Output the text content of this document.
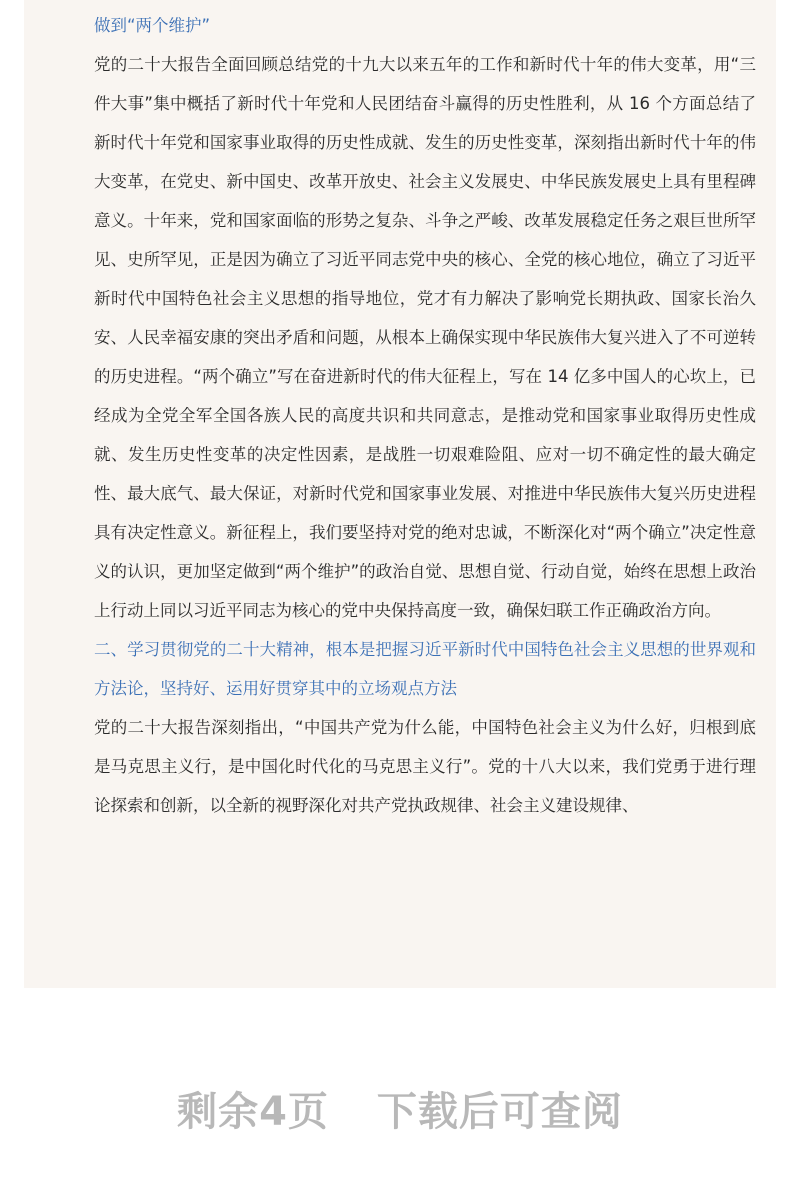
做到“两个维护”

党的二十大报告全面回顾总结党的十九大以来五年的工作和新时代十年的伟大变革，用“三件大事”集中概括了新时代十年党和人民团结奋斗赢得的历史性胜利，从 16 个方面总结了新时代十年党和国家事业取得的历史性成就、发生的历史性变革，深刻指出新时代十年的伟大变革，在党史、新中国史、改革开放史、社会主义发展史、中华民族发展史上具有里程碑意义。十年来，党和国家面临的形势之复杂、斗争之严峻、改革发展稳定任务之艰巨世所罕见、史所罕见，正是因为确立了习近平同志党中央的核心、全党的核心地位，确立了习近平新时代中国特色社会主义思想的指导地位，党才有力解决了影响党长期执政、国家长治久安、人民幸福安康的突出矛盾和问题，从根本上确保实现中华民族伟大复兴进入了不可逆转的历史进程。“两个确立”写在奋进新时代的伟大征程上，写在 14 亿多中国人的心坎上，已经成为全党全军全国各族人民的高度共识和共同意志，是推动党和国家事业取得历史性成就、发生历史性变革的决定性因素，是战胜一切艰难险阻、应对一切不确定性的最大确定性、最大底气、最大保证，对新时代党和国家事业发展、对推进中华民族伟大复兴历史进程具有决定性意义。新征程上，我们要坚持对党的绝对忠诚，不断深化对“两个确立”决定性意义的认识，更加坚定做到“两个维护”的政治自觉、思想自觉、行动自觉，始终在思想上政治上行动上同以习近平同志为核心的党中央保持高度一致，确保妇联工作正确政治方向。

二、学习贯彻党的二十大精神，根本是把握习近平新时代中国特色社会主义思想的世界观和方法论，坚持好、运用好贯穿其中的立场观点方法

党的二十大报告深刻指出，“中国共产党为什么能，中国特色社会主义为什么好，归根到底是马克思主义行，是中国化时代化的马克思主义行”。党的十八大以来，我们党勇于进行理论探索和创新，以全新的视野深化对共产党执政规律、社会主义建设规律、

剩余4页 下载后可查阅
